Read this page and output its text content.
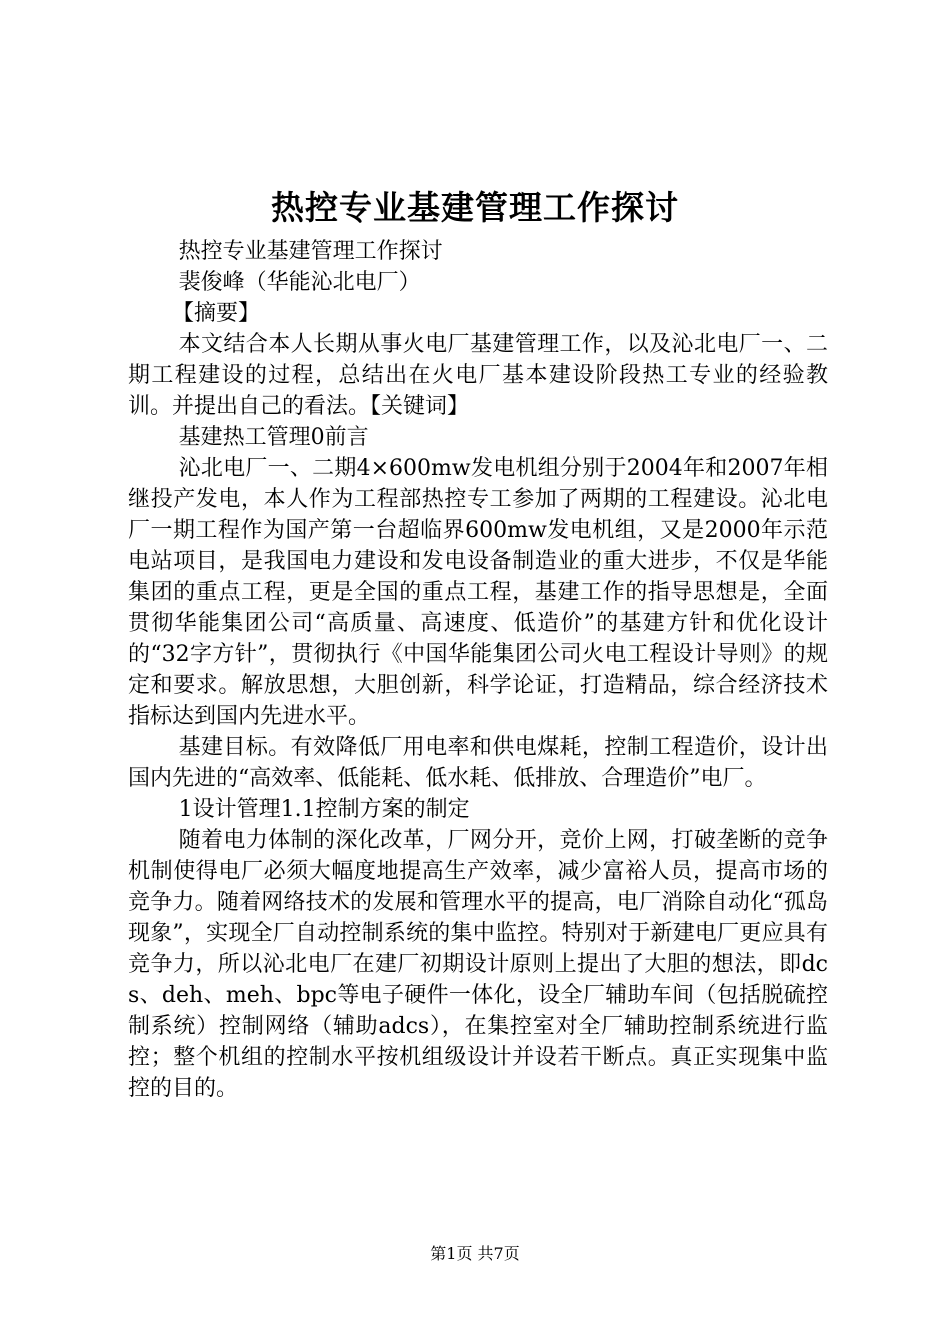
热控专业基建管理工作探讨

热控专业基建管理工作探讨

裴俊峰（华能沁北电厂）

【摘要】

本文结合本人长期从事火电厂基建管理工作，以及沁北电厂一、二期工程建设的过程，总结出在火电厂基本建设阶段热工专业的经验教训。并提出自己的看法。【关键词】

基建热工管理0前言

沁北电厂一、二期4×600mw发电机组分别于2004年和2007年相继投产发电，本人作为工程部热控专工参加了两期的工程建设。沁北电厂一期工程作为国产第一台超临界600mw发电机组，又是2000年示范电站项目，是我国电力建设和发电设备制造业的重大进步，不仅是华能集团的重点工程，更是全国的重点工程，基建工作的指导思想是，全面贯彻华能集团公司“高质量、高速度、低造价”的基建方针和优化设计的“32字方针”，贯彻执行《中国华能集团公司火电工程设计导则》的规定和要求。解放思想，大胆创新，科学论证，打造精品，综合经济技术指标达到国内先进水平。

基建目标。有效降低厂用电率和供电煤耗，控制工程造价，设计出国内先进的“高效率、低能耗、低水耗、低排放、合理造价”电厂。

1设计管理1.1控制方案的制定

随着电力体制的深化改革，厂网分开，竞价上网，打破垄断的竞争机制使得电厂必须大幅度地提高生产效率，减少富裕人员，提高市场的竞争力。随着网络技术的发展和管理水平的提高，电厂消除自动化“孤岛现象”，实现全厂自动控制系统的集中监控。特别对于新建电厂更应具有竞争力，所以沁北电厂在建厂初期设计原则上提出了大胆的想法，即dcs、deh、meh、bpc等电子硬件一体化，设全厂辅助车间（包括脱硫控制系统）控制网络（辅助adcs），在集控室对全厂辅助控制系统进行监控；整个机组的控制水平按机组级设计并设若干断点。真正实现集中监控的目的。

第1页 共7页
